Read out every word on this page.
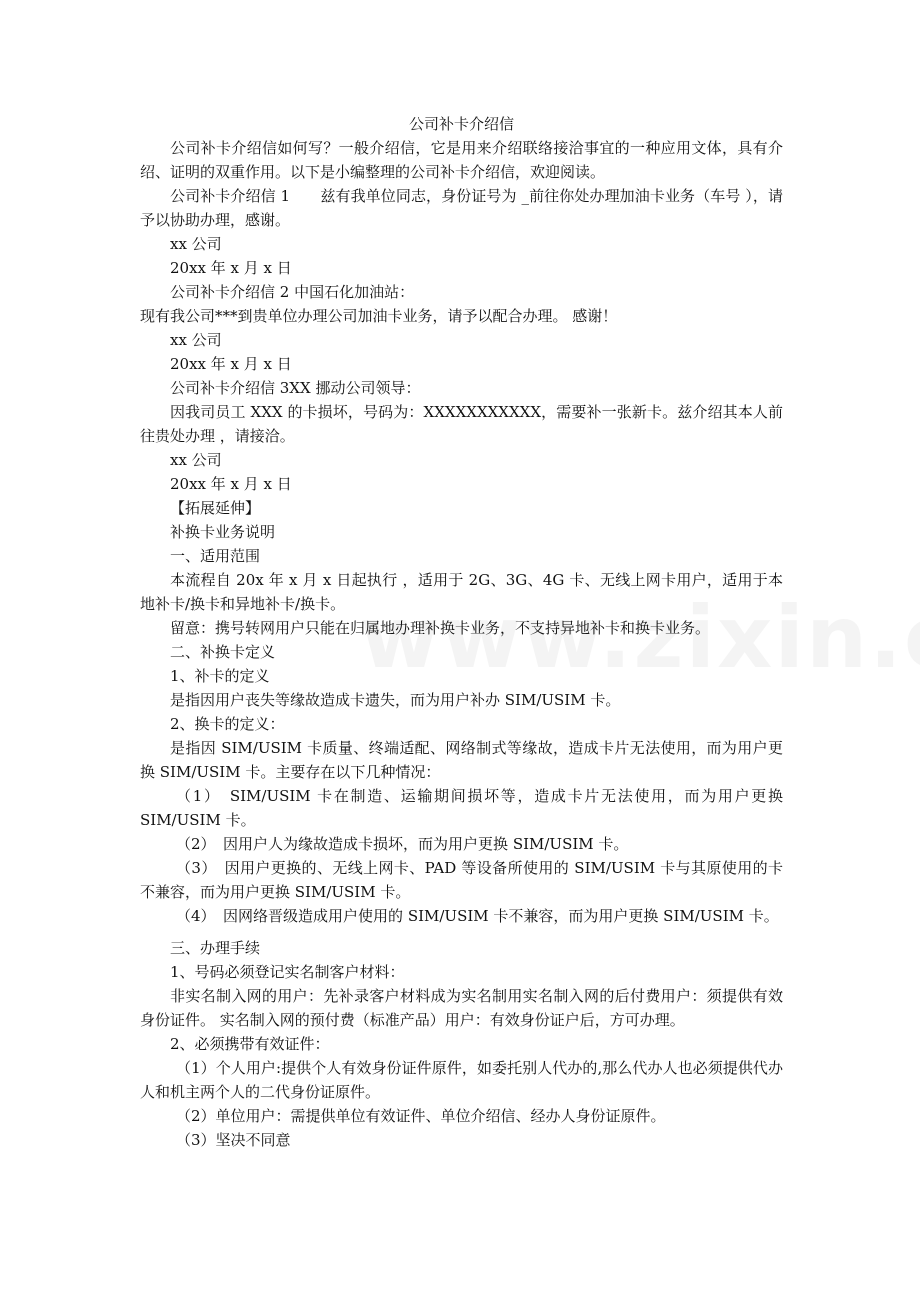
公司补卡介绍信

公司补卡介绍信如何写？一般介绍信，它是用来介绍联络接洽事宜的一种应用文体，具有介绍、证明的双重作用。以下是小编整理的公司补卡介绍信，欢迎阅读。

公司补卡介绍信 1　　兹有我单位同志，身份证号为 _前往你处办理加油卡业务（车号 ），请予以协助办理，感谢。

xx 公司

20xx 年 x 月 x 日

公司补卡介绍信 2 中国石化加油站：

现有我公司***到贵单位办理公司加油卡业务，请予以配合办理。 感谢！

xx 公司

20xx 年 x 月 x 日

公司补卡介绍信 3XX 挪动公司领导：

因我司员工 XXX 的卡损坏，号码为：XXXXXXXXXXX，需要补一张新卡。兹介绍其本人前往贵处办理 ，请接洽。

xx 公司

20xx 年 x 月 x 日

【拓展延伸】

补换卡业务说明

一、适用范围

本流程自 20x 年 x 月 x 日起执行 ，适用于 2G、3G、4G 卡、无线上网卡用户，适用于本地补卡/换卡和异地补卡/换卡。

留意：携号转网用户只能在归属地办理补换卡业务，不支持异地补卡和换卡业务。

二、补换卡定义

1、补卡的定义

是指因用户丧失等缘故造成卡遗失，而为用户补办 SIM/USIM 卡。

2、换卡的定义：

是指因 SIM/USIM 卡质量、终端适配、网络制式等缘故，造成卡片无法使用，而为用户更换 SIM/USIM 卡。主要存在以下几种情况：

（1）　SIM/USIM 卡在制造、运输期间损坏等，造成卡片无法使用，而为用户更换 SIM/USIM 卡。

（2）　因用户人为缘故造成卡损坏，而为用户更换 SIM/USIM 卡。

（3）　因用户更换的、无线上网卡、PAD 等设备所使用的 SIM/USIM 卡与其原使用的卡不兼容，而为用户更换 SIM/USIM 卡。

（4）　因网络晋级造成用户使用的 SIM/USIM 卡不兼容，而为用户更换 SIM/USIM 卡。

三、办理手续

1、号码必须登记实名制客户材料：

非实名制入网的用户：先补录客户材料成为实名制用实名制入网的后付费用户：须提供有效身份证件。 实名制入网的预付费（标准产品）用户：有效身份证户后，方可办理。

2、必须携带有效证件：

（1）个人用户:提供个人有效身份证件原件，如委托别人代办的,那么代办人也必须提供代办人和机主两个人的二代身份证原件。

（2）单位用户：需提供单位有效证件、单位介绍信、经办人身份证原件。

（3）坚决不同意
